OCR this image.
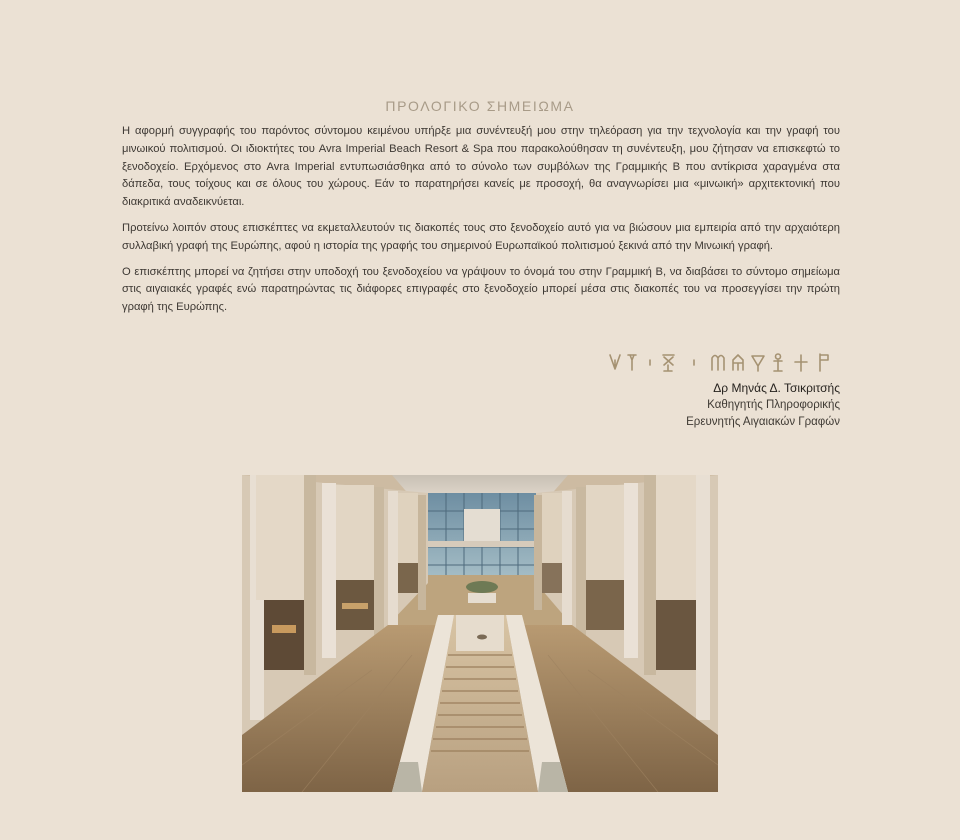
ΠΡΟΛΟΓΙΚΟ ΣΗΜΕΙΩΜΑ

Η αφορμή συγγραφής του παρόντος σύντομου κειμένου υπήρξε μια συνέντευξή μου στην τηλεόραση για την τεχνολογία και την γραφή του μινωικού πολιτισμού. Οι ιδιοκτήτες του Avra Imperial Beach Resort & Spa που παρακολούθησαν τη συνέντευξη, μου ζήτησαν να επισκεφτώ το ξενοδοχείο. Ερχόμενος στο Avra Imperial εντυπωσιάσθηκα από το σύνολο των συμβόλων της Γραμμικής Β που αντίκρισα χαραγμένα στα δάπεδα, τους τοίχους και σε όλους του χώρους. Εάν το παρατηρήσει κανείς με προσοχή, θα αναγνωρίσει μια «μινωική» αρχιτεκτονική που διακριτικά αναδεικνύεται.

Προτείνω λοιπόν στους επισκέπτες να εκμεταλλευτούν τις διακοπές τους στο ξενοδοχείο αυτό για να βιώσουν μια εμπειρία από την αρχαιότερη συλλαβική γραφή της Ευρώπης, αφού η ιστορία της γραφής του σημερινού Ευρωπαϊκού πολιτισμού ξεκινά από την Μινωική γραφή.

Ο επισκέπτης μπορεί να ζητήσει στην υποδοχή του ξενοδοχείου να γράψουν το όνομά του στην Γραμμική Β, να διαβάσει το σύντομο σημείωμα στις αιγαιακές γραφές ενώ παρατηρώντας τις διάφορες επιγραφές στο ξενοδοχείο μπορεί μέσα στις διακοπές του να προσεγγίσει την πρώτη γραφή της Ευρώπης.

Δρ Μηνάς Δ. Τσικριτσής
Καθηγητής Πληροφορικής
Ερευνητής Αιγαιακών Γραφών
